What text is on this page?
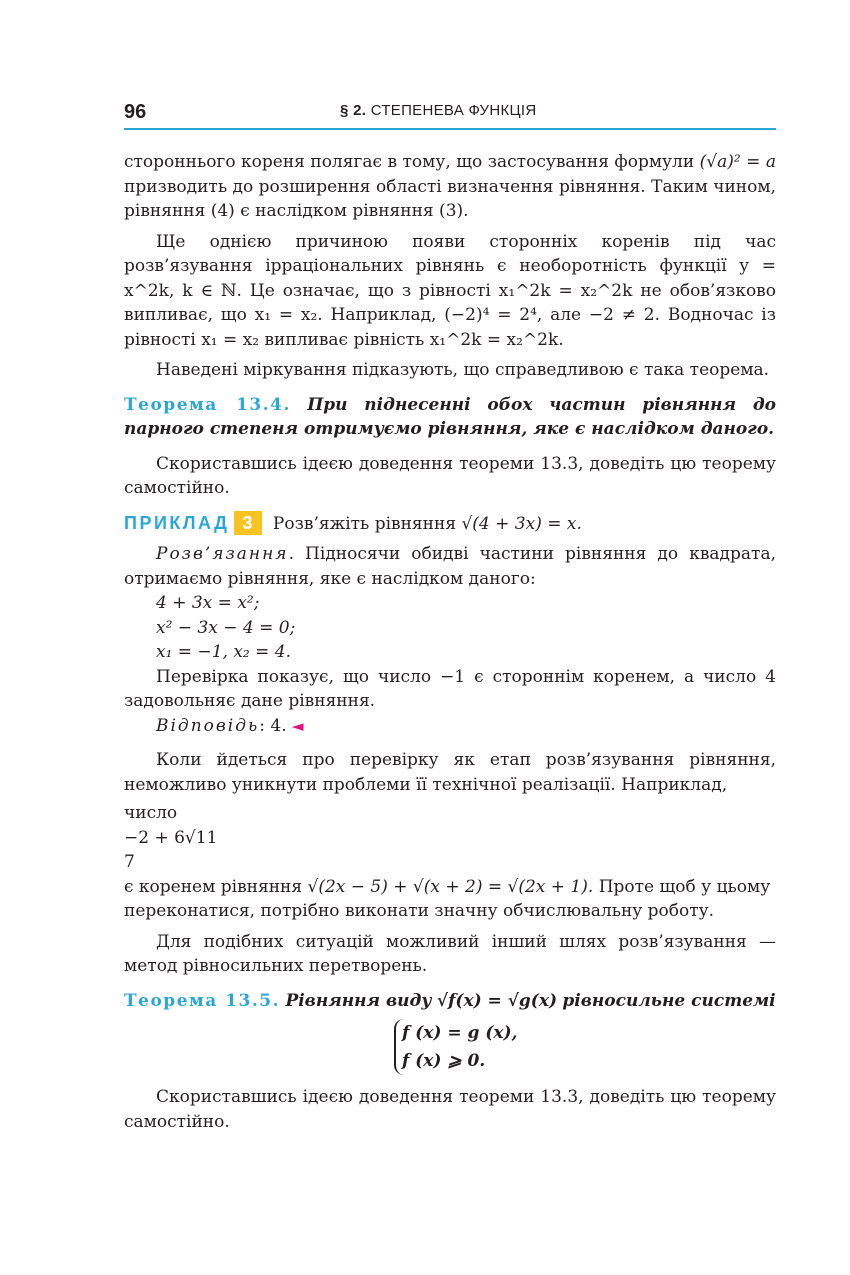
96	§ 2. СТЕПЕНЕВА ФУНКЦІЯ

стороннього кореня полягає в тому, що застосування формули (√a)² = a призводить до розширення області визначення рівняння. Таким чином, рівняння (4) є наслідком рівняння (3).

Ще однією причиною появи сторонніх коренів під час розв’язування ірраціональних рівнянь є необоротність функції y = x^2k, k ∈ ℕ. Це означає, що з рівності x₁^2k = x₂^2k не обов’язково випливає, що x₁ = x₂. Наприклад, (−2)⁴ = 2⁴, але −2 ≠ 2. Водночас із рівності x₁ = x₂ випливає рівність x₁^2k = x₂^2k.

Наведені міркування підказують, що справедливою є така теорема.

Теорема 13.4. При піднесенні обох частин рівняння до парного степеня отримуємо рівняння, яке є наслідком даного.

Скориставшись ідеєю доведення теореми 13.3, доведіть цю теорему самостійно.

ПРИКЛАД 3 Розв’яжіть рівняння √(4 + 3x) = x.

Розв’язання. Підносячи обидві частини рівняння до квадрата, отримаємо рівняння, яке є наслідком даного:

4 + 3x = x²;
x² − 3x − 4 = 0;
x₁ = −1, x₂ = 4.

Перевірка показує, що число −1 є стороннім коренем, а число 4 задовольняє дане рівняння.

Відповідь: 4. ◄

Коли йдеться про перевірку як етап розв’язування рівняння, неможливо уникнути проблеми її технічної реалізації. Наприклад,

число

−2 + 6√11
7
є коренем рівняння √(2x − 5) + √(x + 2) = √(2x + 1). Проте щоб у цьому переконатися, потрібно виконати значну обчислювальну роботу.

Для подібних ситуацій можливий інший шлях розв’язування — метод рівносильних перетворень.

Теорема 13.5. Рівняння виду √f(x) = √g(x) рівносильне системі

f (x) = g (x),
f (x) ⩾ 0.

Скориставшись ідеєю доведення теореми 13.3, доведіть цю теорему самостійно.
